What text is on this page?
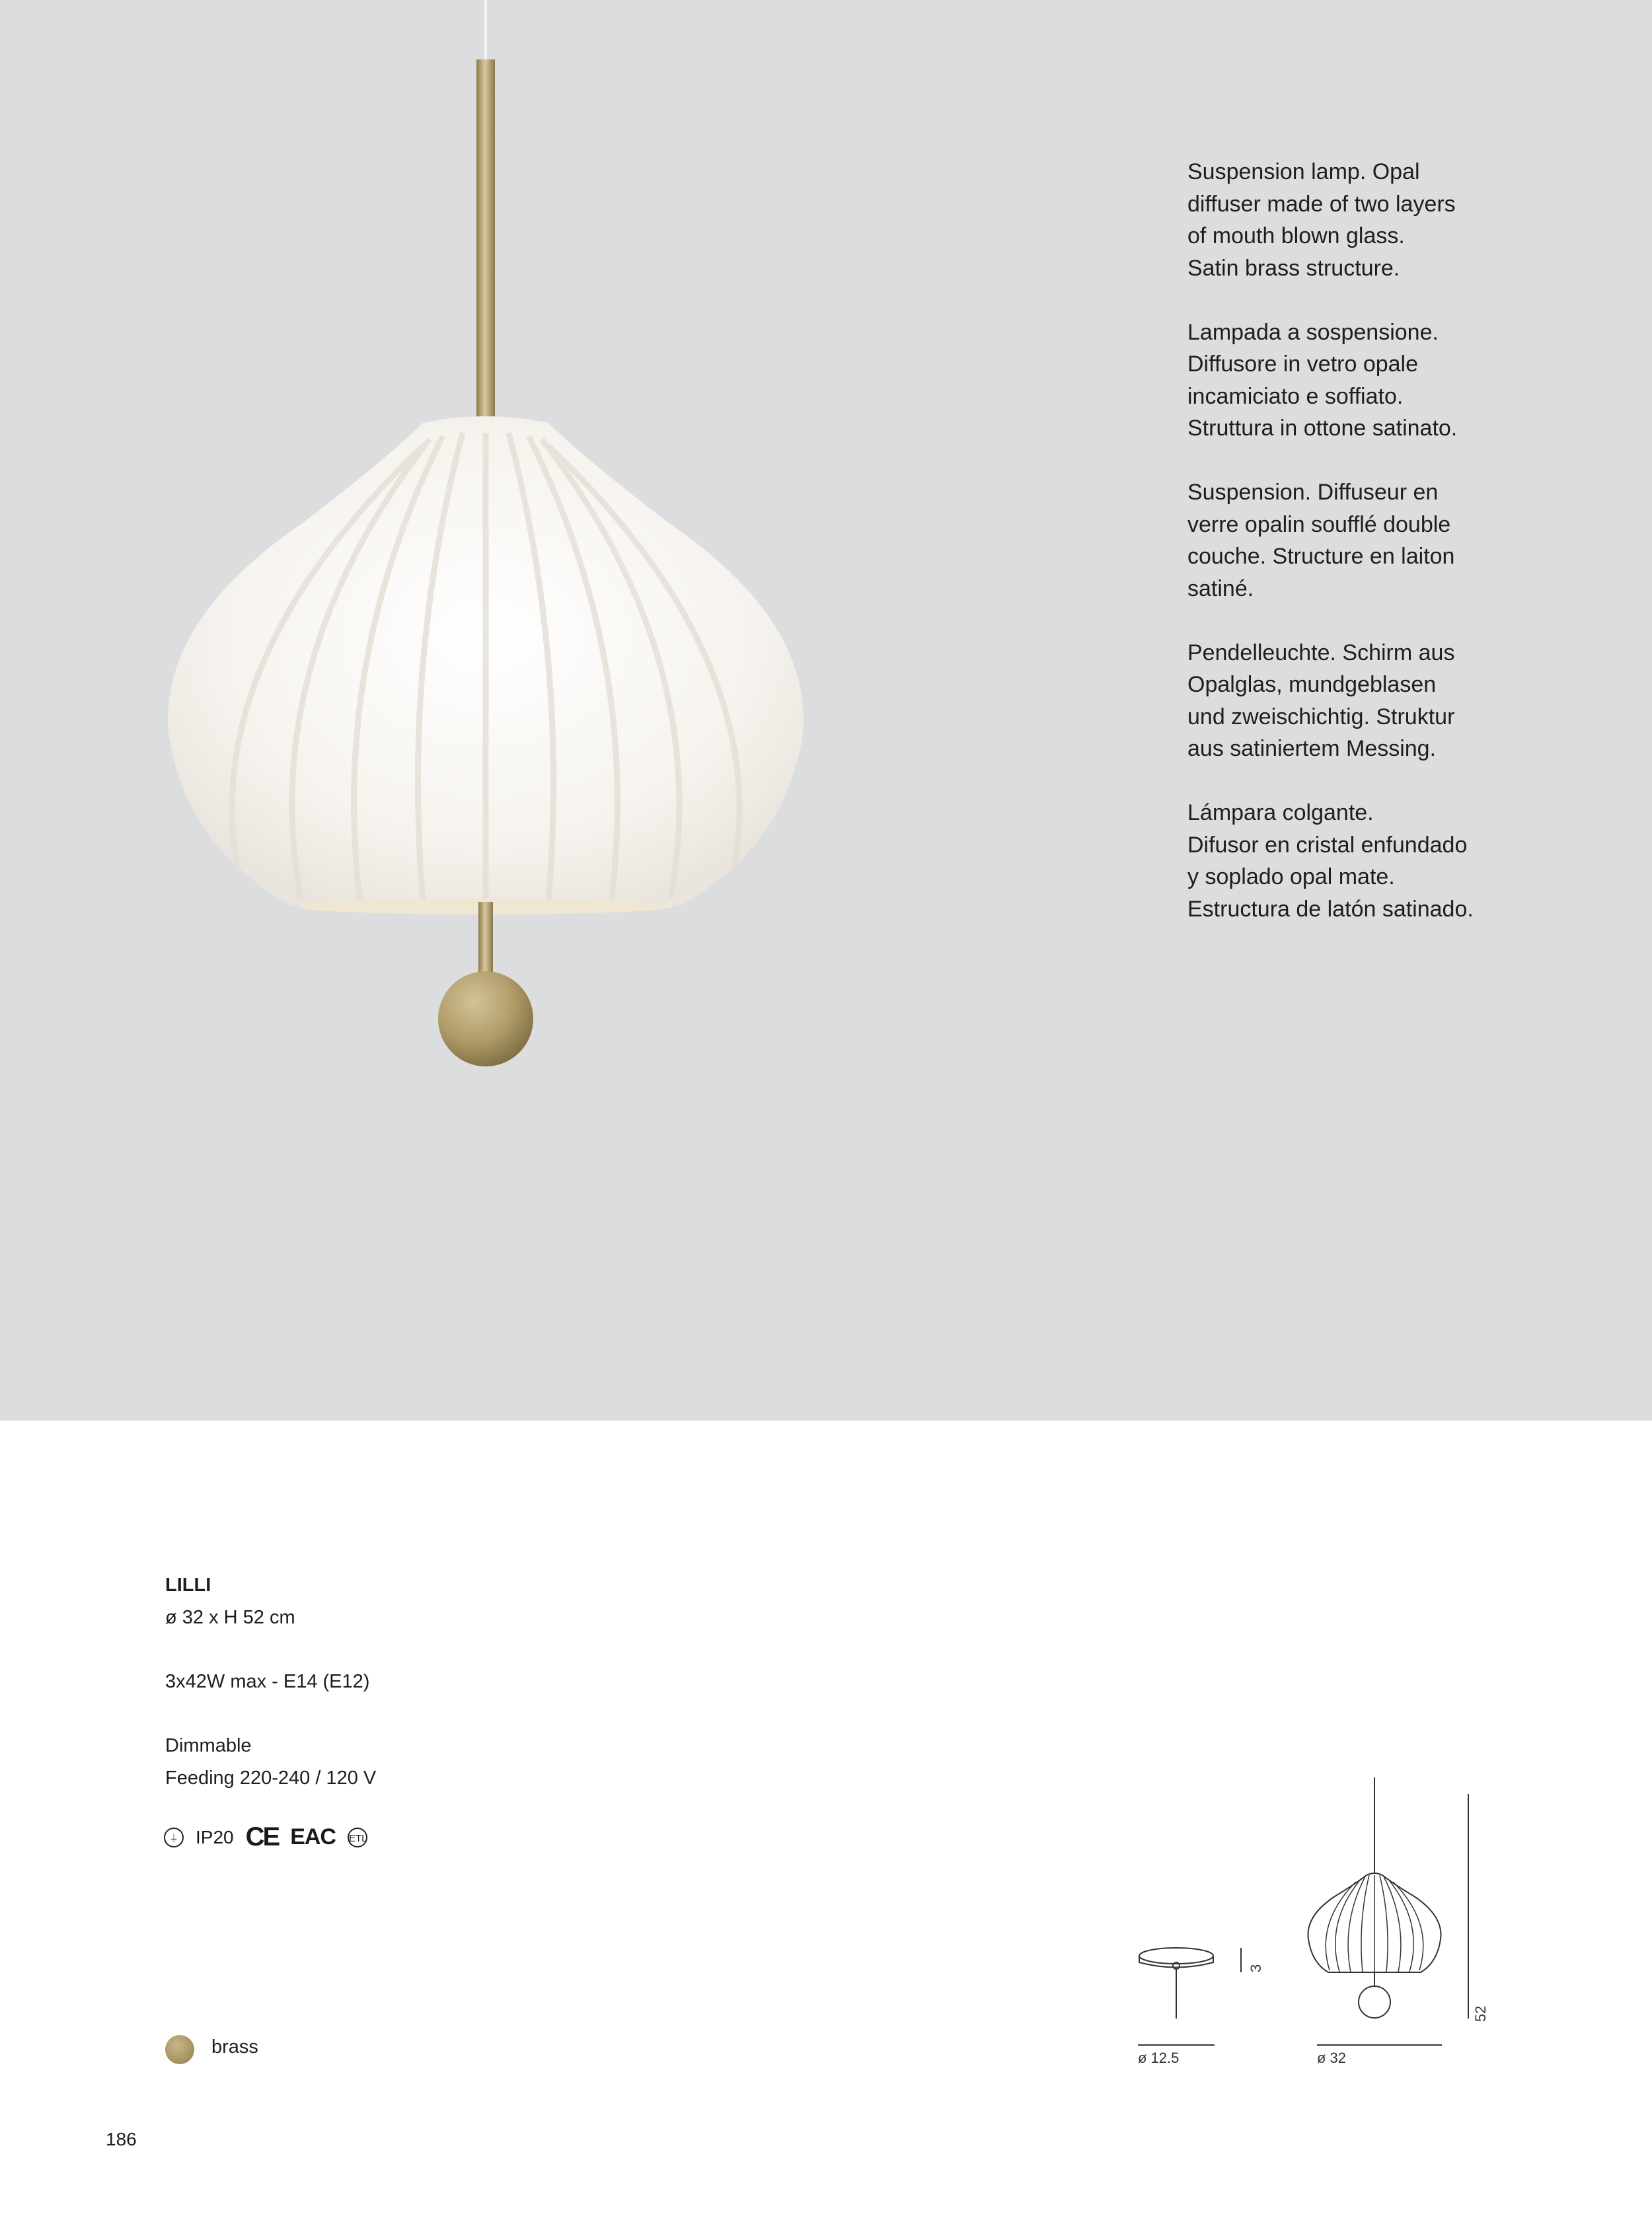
Suspension lamp. Opal
diffuser made of two layers
of mouth blown glass.
Satin brass structure.

Lampada a sospensione.
Diffusore in vetro opale
incamiciato e soffiato.
Struttura in ottone satinato.

Suspension. Diffuseur en
verre opalin soufflé double
couche. Structure en laiton
satiné.

Pendelleuchte. Schirm aus
Opalglas, mundgeblasen
und zweischichtig. Struktur
aus satiniertem Messing.

Lámpara colgante.
Difusor en cristal enfundado
y soplado opal mate.
Estructura de latón satinado.

LILLI
ø 32 x H 52 cm
3x42W max - E14 (E12)
Dimmable
Feeding 220-240 / 120 V
⏚ IP20 CE EAC ETL
brass
ø 12.5
3
ø 32
52
186
